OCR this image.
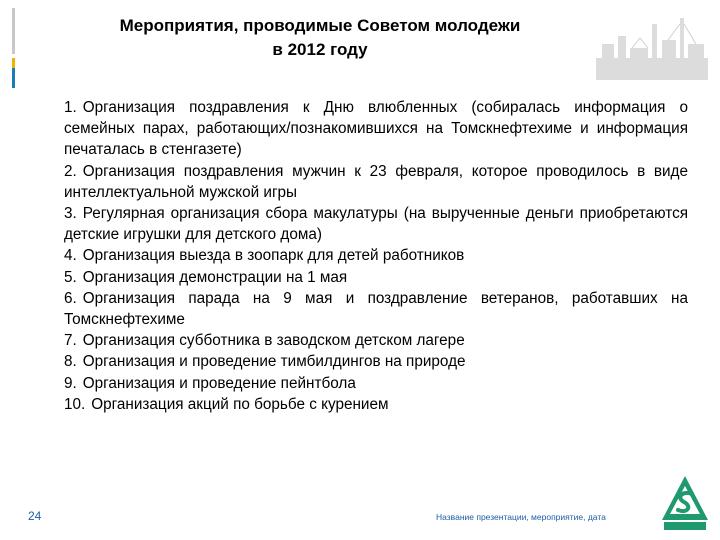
Мероприятия, проводимые Советом молодежи
в 2012 году
1. Организация поздравления к Дню влюбленных (собиралась информация о семейных парах, работающих/познакомившихся на Томскнефтехиме и информация печаталась в стенгазете)
2. Организация поздравления мужчин к 23 февраля, которое проводилось в виде интеллектуальной мужской игры
3. Регулярная организация сбора макулатуры (на вырученные деньги приобретаются детские игрушки для детского дома)
4. Организация выезда в зоопарк для детей работников
5. Организация демонстрации на 1 мая
6. Организация парада на 9 мая и поздравление ветеранов, работавших на Томскнефтехиме
7. Организация субботника в заводском детском лагере
8. Организация и проведение тимбилдингов на природе
9. Организация и проведение пейнтбола
10. Организация акций по борьбе с курением
24	Название презентации, мероприятие, дата
